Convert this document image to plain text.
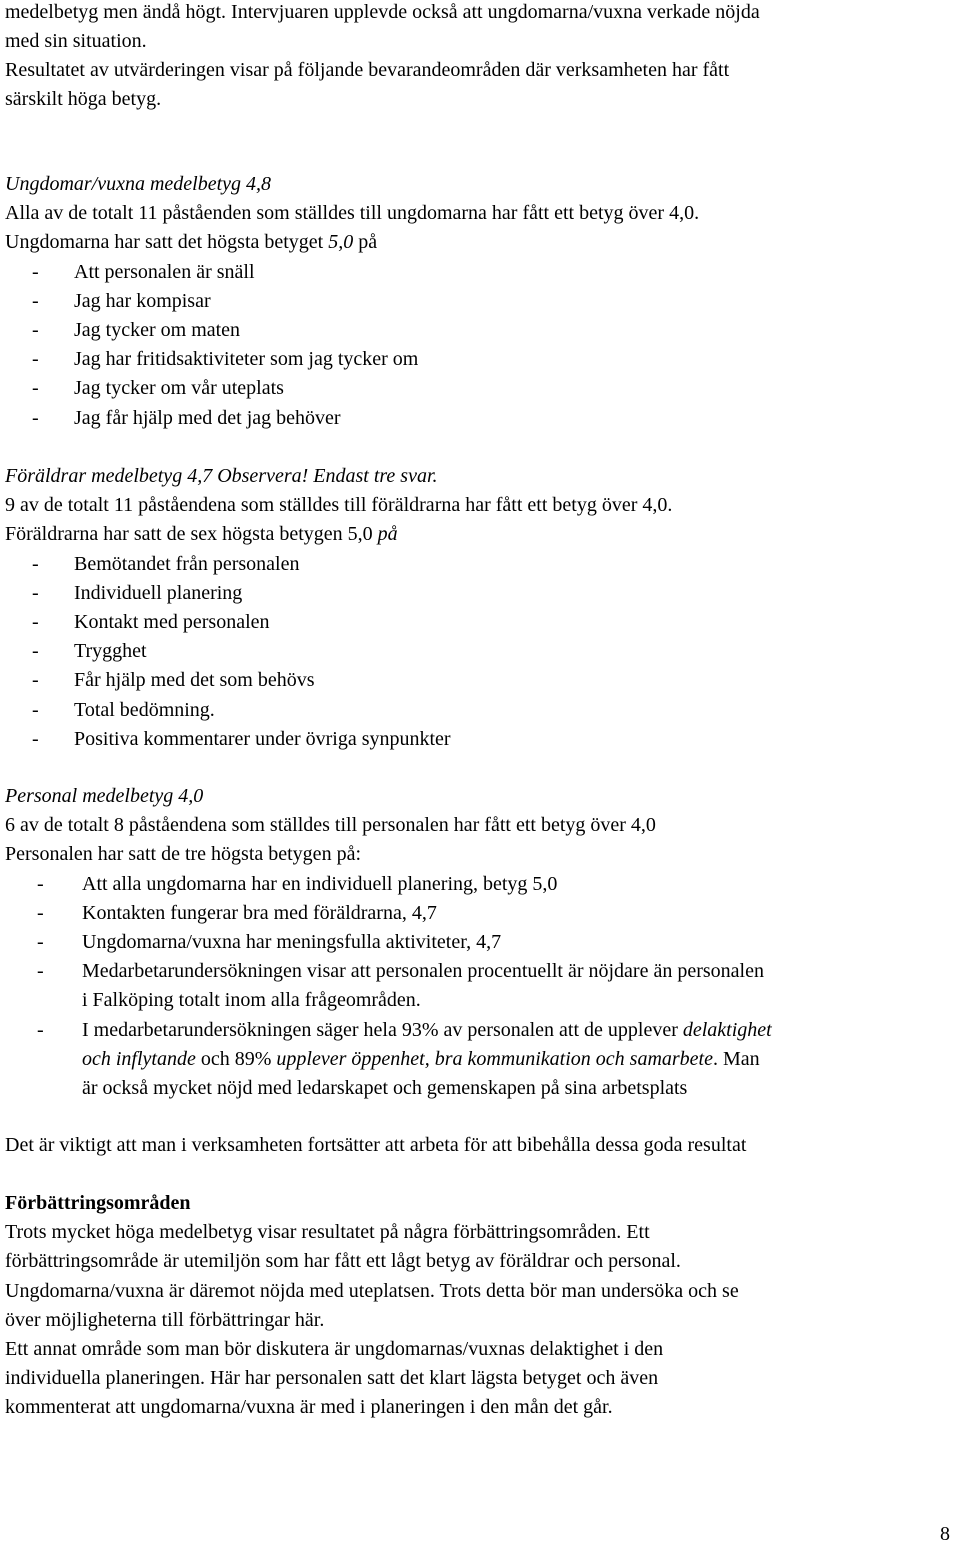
medelbetyg men ändå högt. Intervjuaren upplevde också att ungdomarna/vuxna verkade nöjda
med sin situation.
Resultatet av utvärderingen visar på följande bevarandeområden där verksamheten har fått
särskilt höga betyg.
Ungdomar/vuxna medelbetyg 4,8
Alla av de totalt 11 påståenden som ställdes till ungdomarna har fått ett betyg över 4,0.
Ungdomarna har satt det högsta betyget 5,0 på
- Att personalen är snäll
- Jag har kompisar
- Jag tycker om maten
- Jag har fritidsaktiviteter som jag tycker om
- Jag tycker om vår uteplats
- Jag får hjälp med det jag behöver
Föräldrar medelbetyg 4,7 Observera! Endast tre svar.
9 av de totalt 11 påståendena som ställdes till föräldrarna har fått ett betyg över 4,0.
Föräldrarna har satt de sex högsta betygen 5,0 på
- Bemötandet från personalen
- Individuell planering
- Kontakt med personalen
- Trygghet
- Får hjälp med det som behövs
- Total bedömning.
- Positiva kommentarer under övriga synpunkter
Personal medelbetyg 4,0
6 av de totalt 8 påståendena som ställdes till personalen har fått ett betyg över 4,0
Personalen har satt de tre högsta betygen på:
- Att alla ungdomarna har en individuell planering, betyg 5,0
- Kontakten fungerar bra med föräldrarna, 4,7
- Ungdomarna/vuxna har meningsfulla aktiviteter, 4,7
- Medarbetarundersökningen visar att personalen procentuellt är nöjdare än personalen
i Falköping totalt inom alla frågeområden.
- I medarbetarundersökningen säger hela 93% av personalen att de upplever delaktighet
och inflytande och 89% upplever öppenhet, bra kommunikation och samarbete. Man
är också mycket nöjd med ledarskapet och gemenskapen på sina arbetsplats
Det är viktigt att man i verksamheten fortsätter att arbeta för att bibehålla dessa goda resultat
Förbättringsområden
Trots mycket höga medelbetyg visar resultatet på några förbättringsområden. Ett
förbättringsområde är utemiljön som har fått ett lågt betyg av föräldrar och personal.
Ungdomarna/vuxna är däremot nöjda med uteplatsen. Trots detta bör man undersöka och se
över möjligheterna till förbättringar här.
Ett annat område som man bör diskutera är ungdomarnas/vuxnas delaktighet i den
individuella planeringen. Här har personalen satt det klart lägsta betyget och även
kommenterat att ungdomarna/vuxna är med i planeringen i den mån det går.
8
